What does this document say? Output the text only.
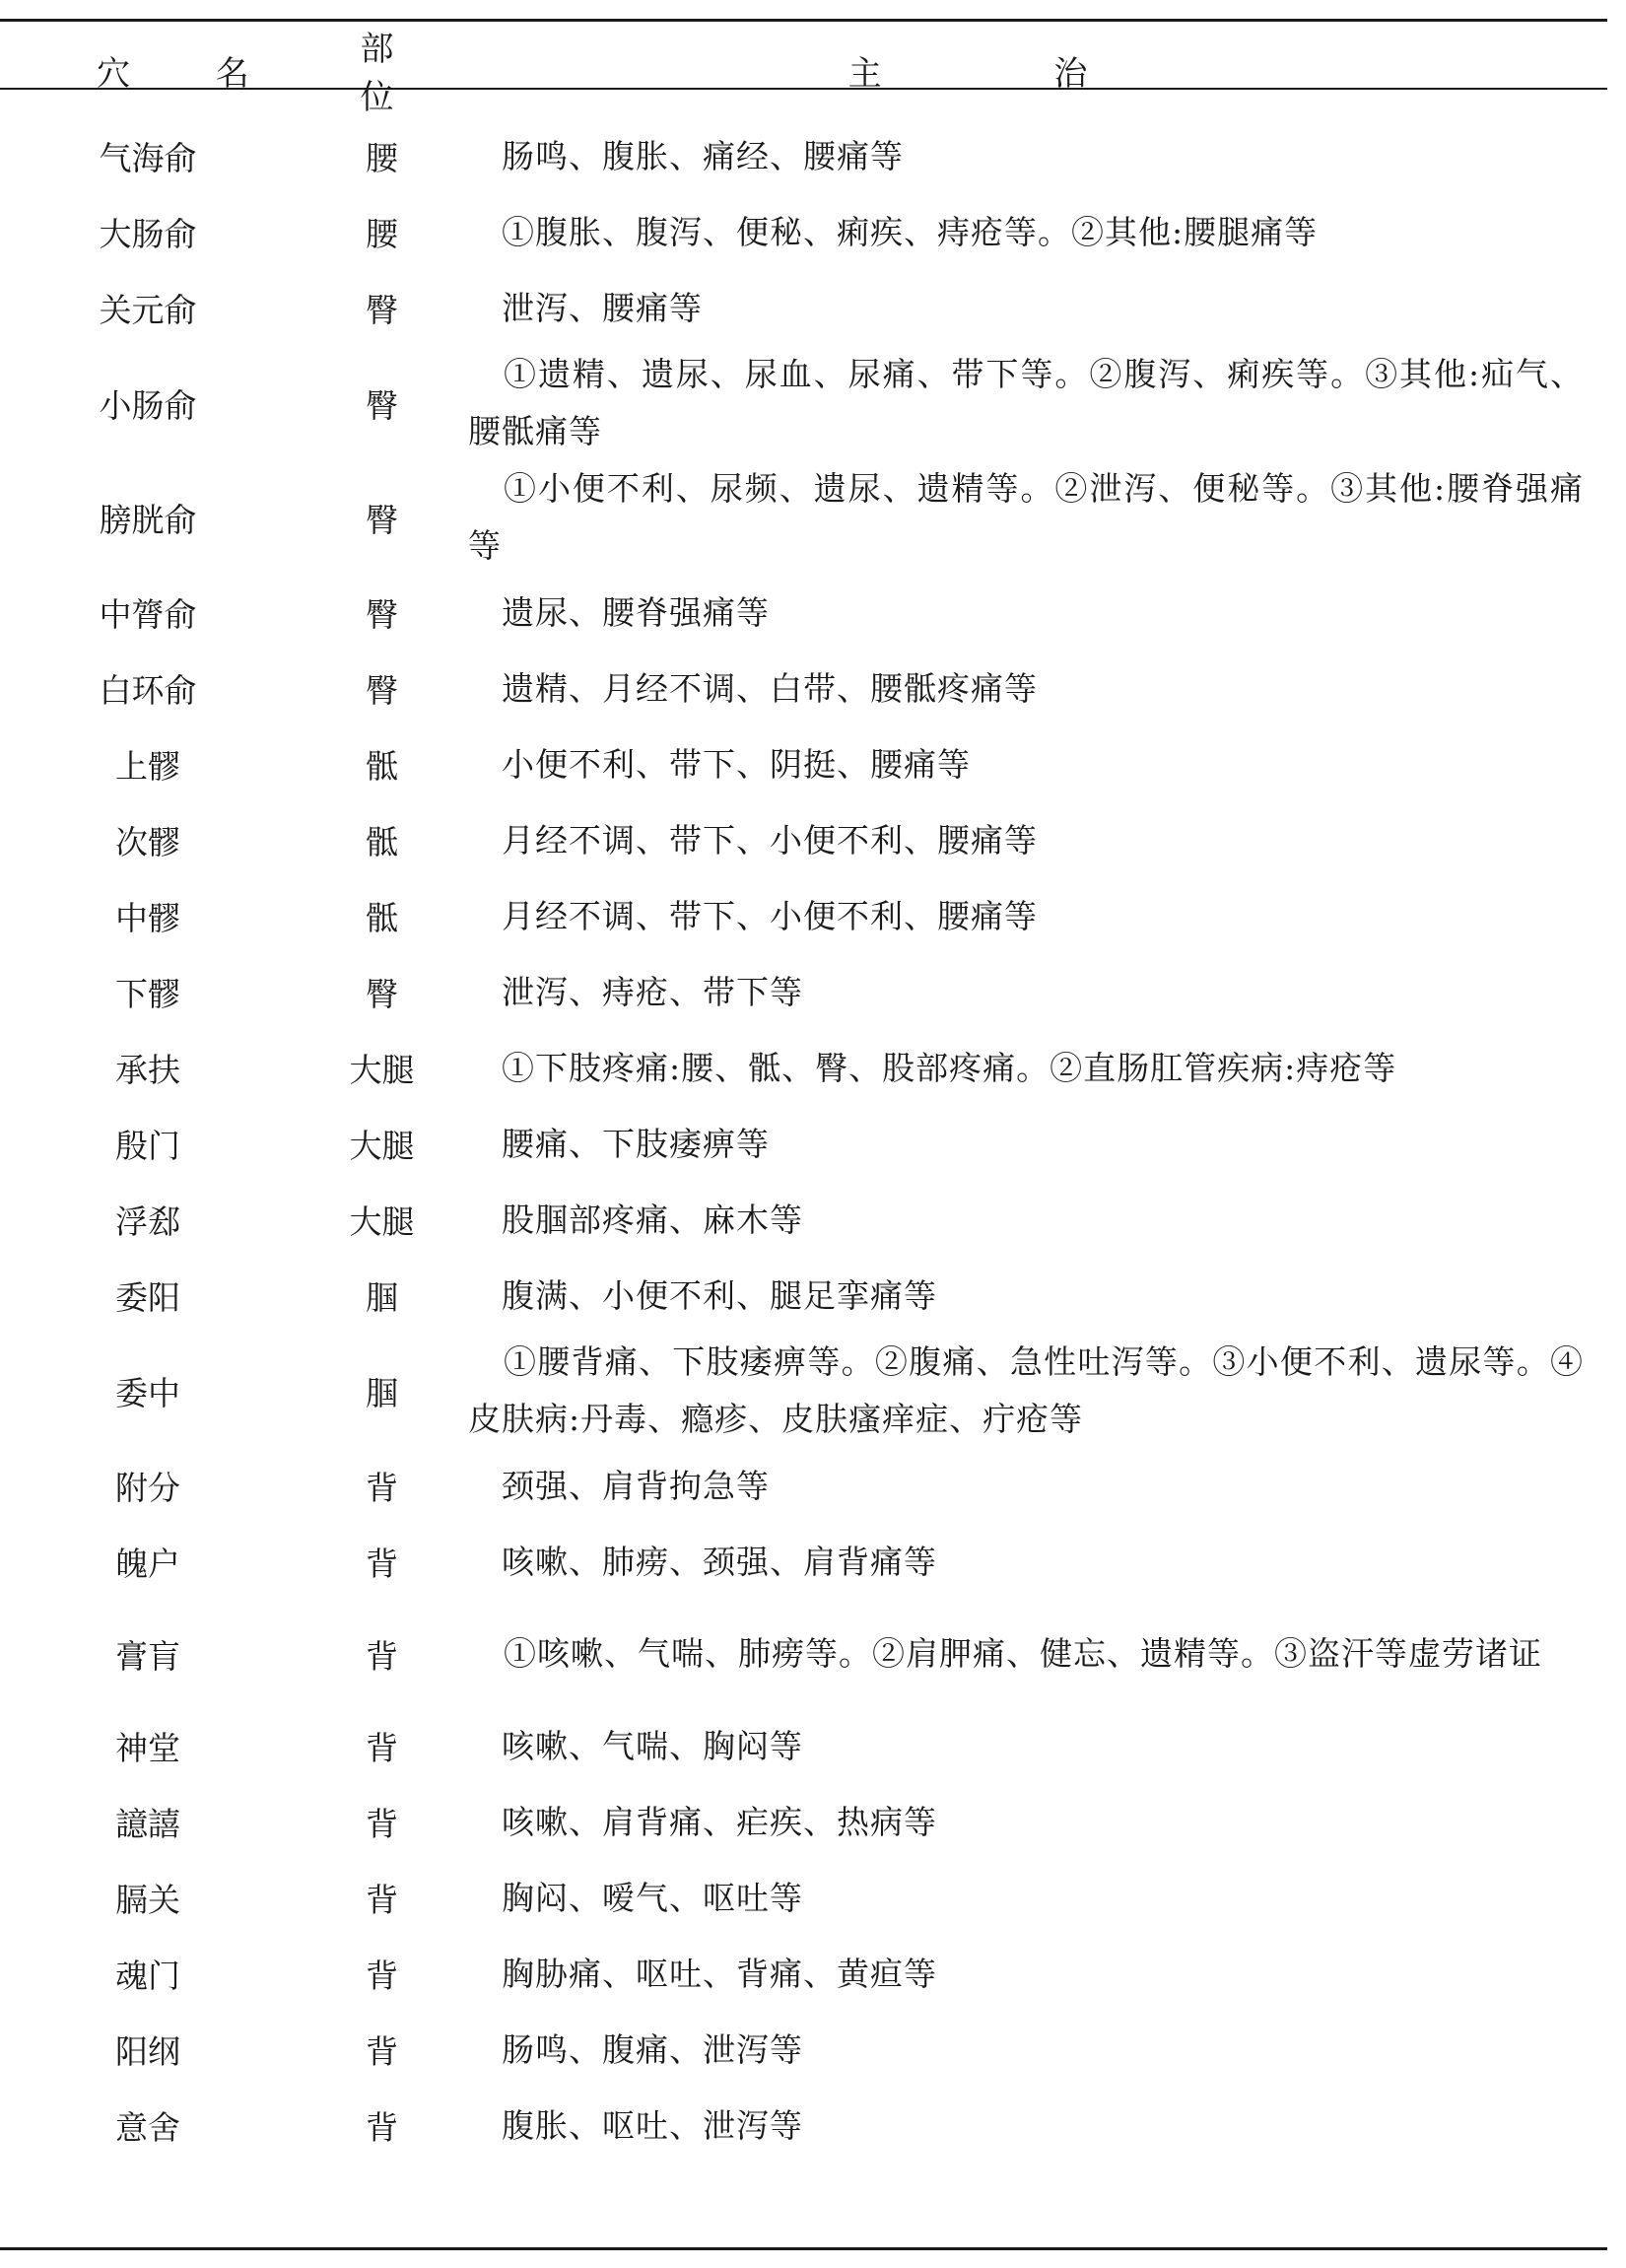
穴 名	部 位	主 治
气海俞	腰	肠鸣、腹胀、痛经、腰痛等

大肠俞	腰	①腹胀、腹泻、便秘、痢疾、痔疮等。②其他:腰腿痛等

关元俞	臀	泄泻、腰痛等

小肠俞	臀	①遗精、遗尿、尿血、尿痛、带下等。②腹泻、痢疾等。③其他:疝气、腰骶痛等

膀胱俞	臀	①小便不利、尿频、遗尿、遗精等。②泄泻、便秘等。③其他:腰脊强痛等

中膂俞	臀	遗尿、腰脊强痛等

白环俞	臀	遗精、月经不调、白带、腰骶疼痛等

上髎	骶	小便不利、带下、阴挺、腰痛等

次髎	骶	月经不调、带下、小便不利、腰痛等

中髎	骶	月经不调、带下、小便不利、腰痛等

下髎	臀	泄泻、痔疮、带下等

承扶	大腿	①下肢疼痛:腰、骶、臀、股部疼痛。②直肠肛管疾病:痔疮等

殷门	大腿	腰痛、下肢痿痹等

浮郄	大腿	股腘部疼痛、麻木等

委阳	腘	腹满、小便不利、腿足挛痛等

委中	腘	①腰背痛、下肢痿痹等。②腹痛、急性吐泻等。③小便不利、遗尿等。④皮肤病:丹毒、瘾疹、皮肤瘙痒症、疔疮等

附分	背	颈强、肩背拘急等

魄户	背	咳嗽、肺痨、颈强、肩背痛等

膏肓	背	①咳嗽、气喘、肺痨等。②肩胛痛、健忘、遗精等。③盗汗等虚劳诸证

神堂	背	咳嗽、气喘、胸闷等

譩譆	背	咳嗽、肩背痛、疟疾、热病等

膈关	背	胸闷、嗳气、呕吐等

魂门	背	胸胁痛、呕吐、背痛、黄疸等

阳纲	背	肠鸣、腹痛、泄泻等

意舍	背	腹胀、呕吐、泄泻等
